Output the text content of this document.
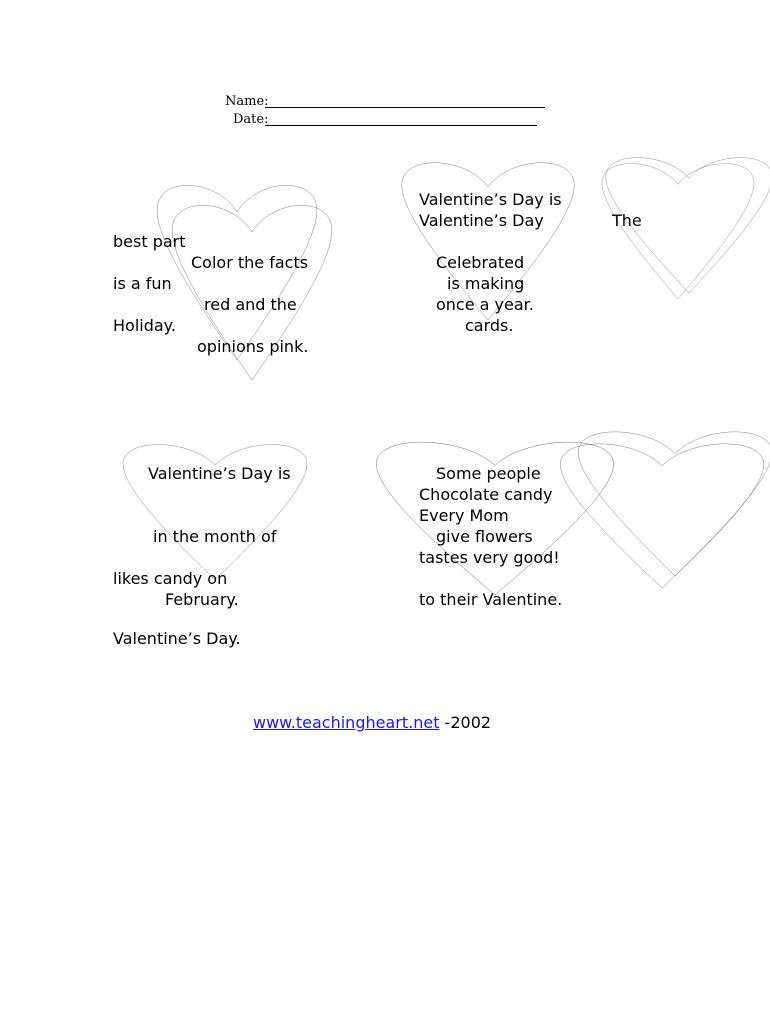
Name:
Date:
best part
Color the facts
is a fun
red and the
Holiday.
opinions pink.
Valentine’s Day is
Valentine’s Day	The
Celebrated
is making
once a year.
cards.
Valentine’s Day is
in the month of
likes candy on
February.
Valentine’s Day.
Some people
Chocolate candy
Every Mom
give flowers
tastes very good!
to their Valentine.
www.teachingheart.net -2002
